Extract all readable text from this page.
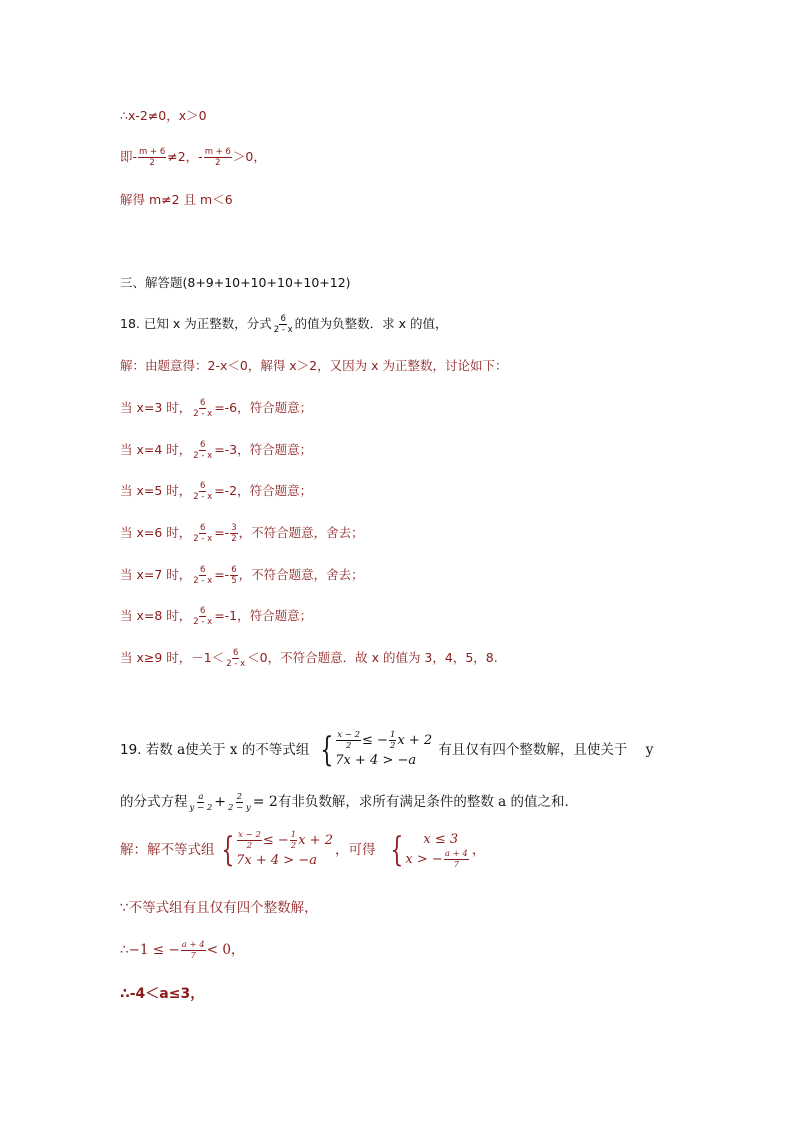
∴x-2≠0，x＞0
即- $\frac{m + 6}{2} \ne 2$，- $\frac{m + 6}{2} >0$，
解得 m≠2 且 m＜6
三、解答题(8+9+10+10+10+10+12)
18. 已知 x 为正整数，分式 $\frac{6}{2 - x}$ 的值为负整数．求 x 的值，
解：由题意得：2-x＜0，解得 x＞2，又因为 x 为正整数，讨论如下：
当 x=3 时， $\frac{6}{2 - x} =-6$，符合题意；
当 x=4 时， $\frac{6}{2 - x} =-3$，符合题意；
当 x=5 时， $\frac{6}{2 - x} =-2$，符合题意；
当 x=6 时， $\frac{6}{2 - x} =- \frac{3}{2}$ ，不符合题意，舍去；
当 x=7 时， $\frac{6}{2 - x} =- \frac{6}{5}$ ，不符合题意，舍去；
当 x=8 时， $\frac{6}{2 - x} =-1$，符合题意；
当 x≥9 时，$-1< \frac{6}{2 - x} <0$，不符合题意．故 x 的值为 3，4，5，8.
19. 若数 a使关于 x 的不等式组 { $\frac{x - 2}{2}$ ≤ − $\frac{1}{2}$ x + 2
7x + 4 > −a
有且仅有四个整数解，且使关于 y
的分式方程 $\frac{a}{y - 2} + \frac{2}{2 - y} = 2$有非负数解，求所有满足条件的整数 a 的值之和.
解：解不等式组 { $\frac{x - 2}{2}$ ≤ − $\frac{1}{2}$ x + 2
7x + 4 > −a
，可得 {	x ≤ 3
x > − $\frac{a + 4}{7}$ ，
∵不等式组有且仅有四个整数解，
∴−1 ≤ − $\frac{a + 4}{7} < 0$，
∴-4＜a≤3，
